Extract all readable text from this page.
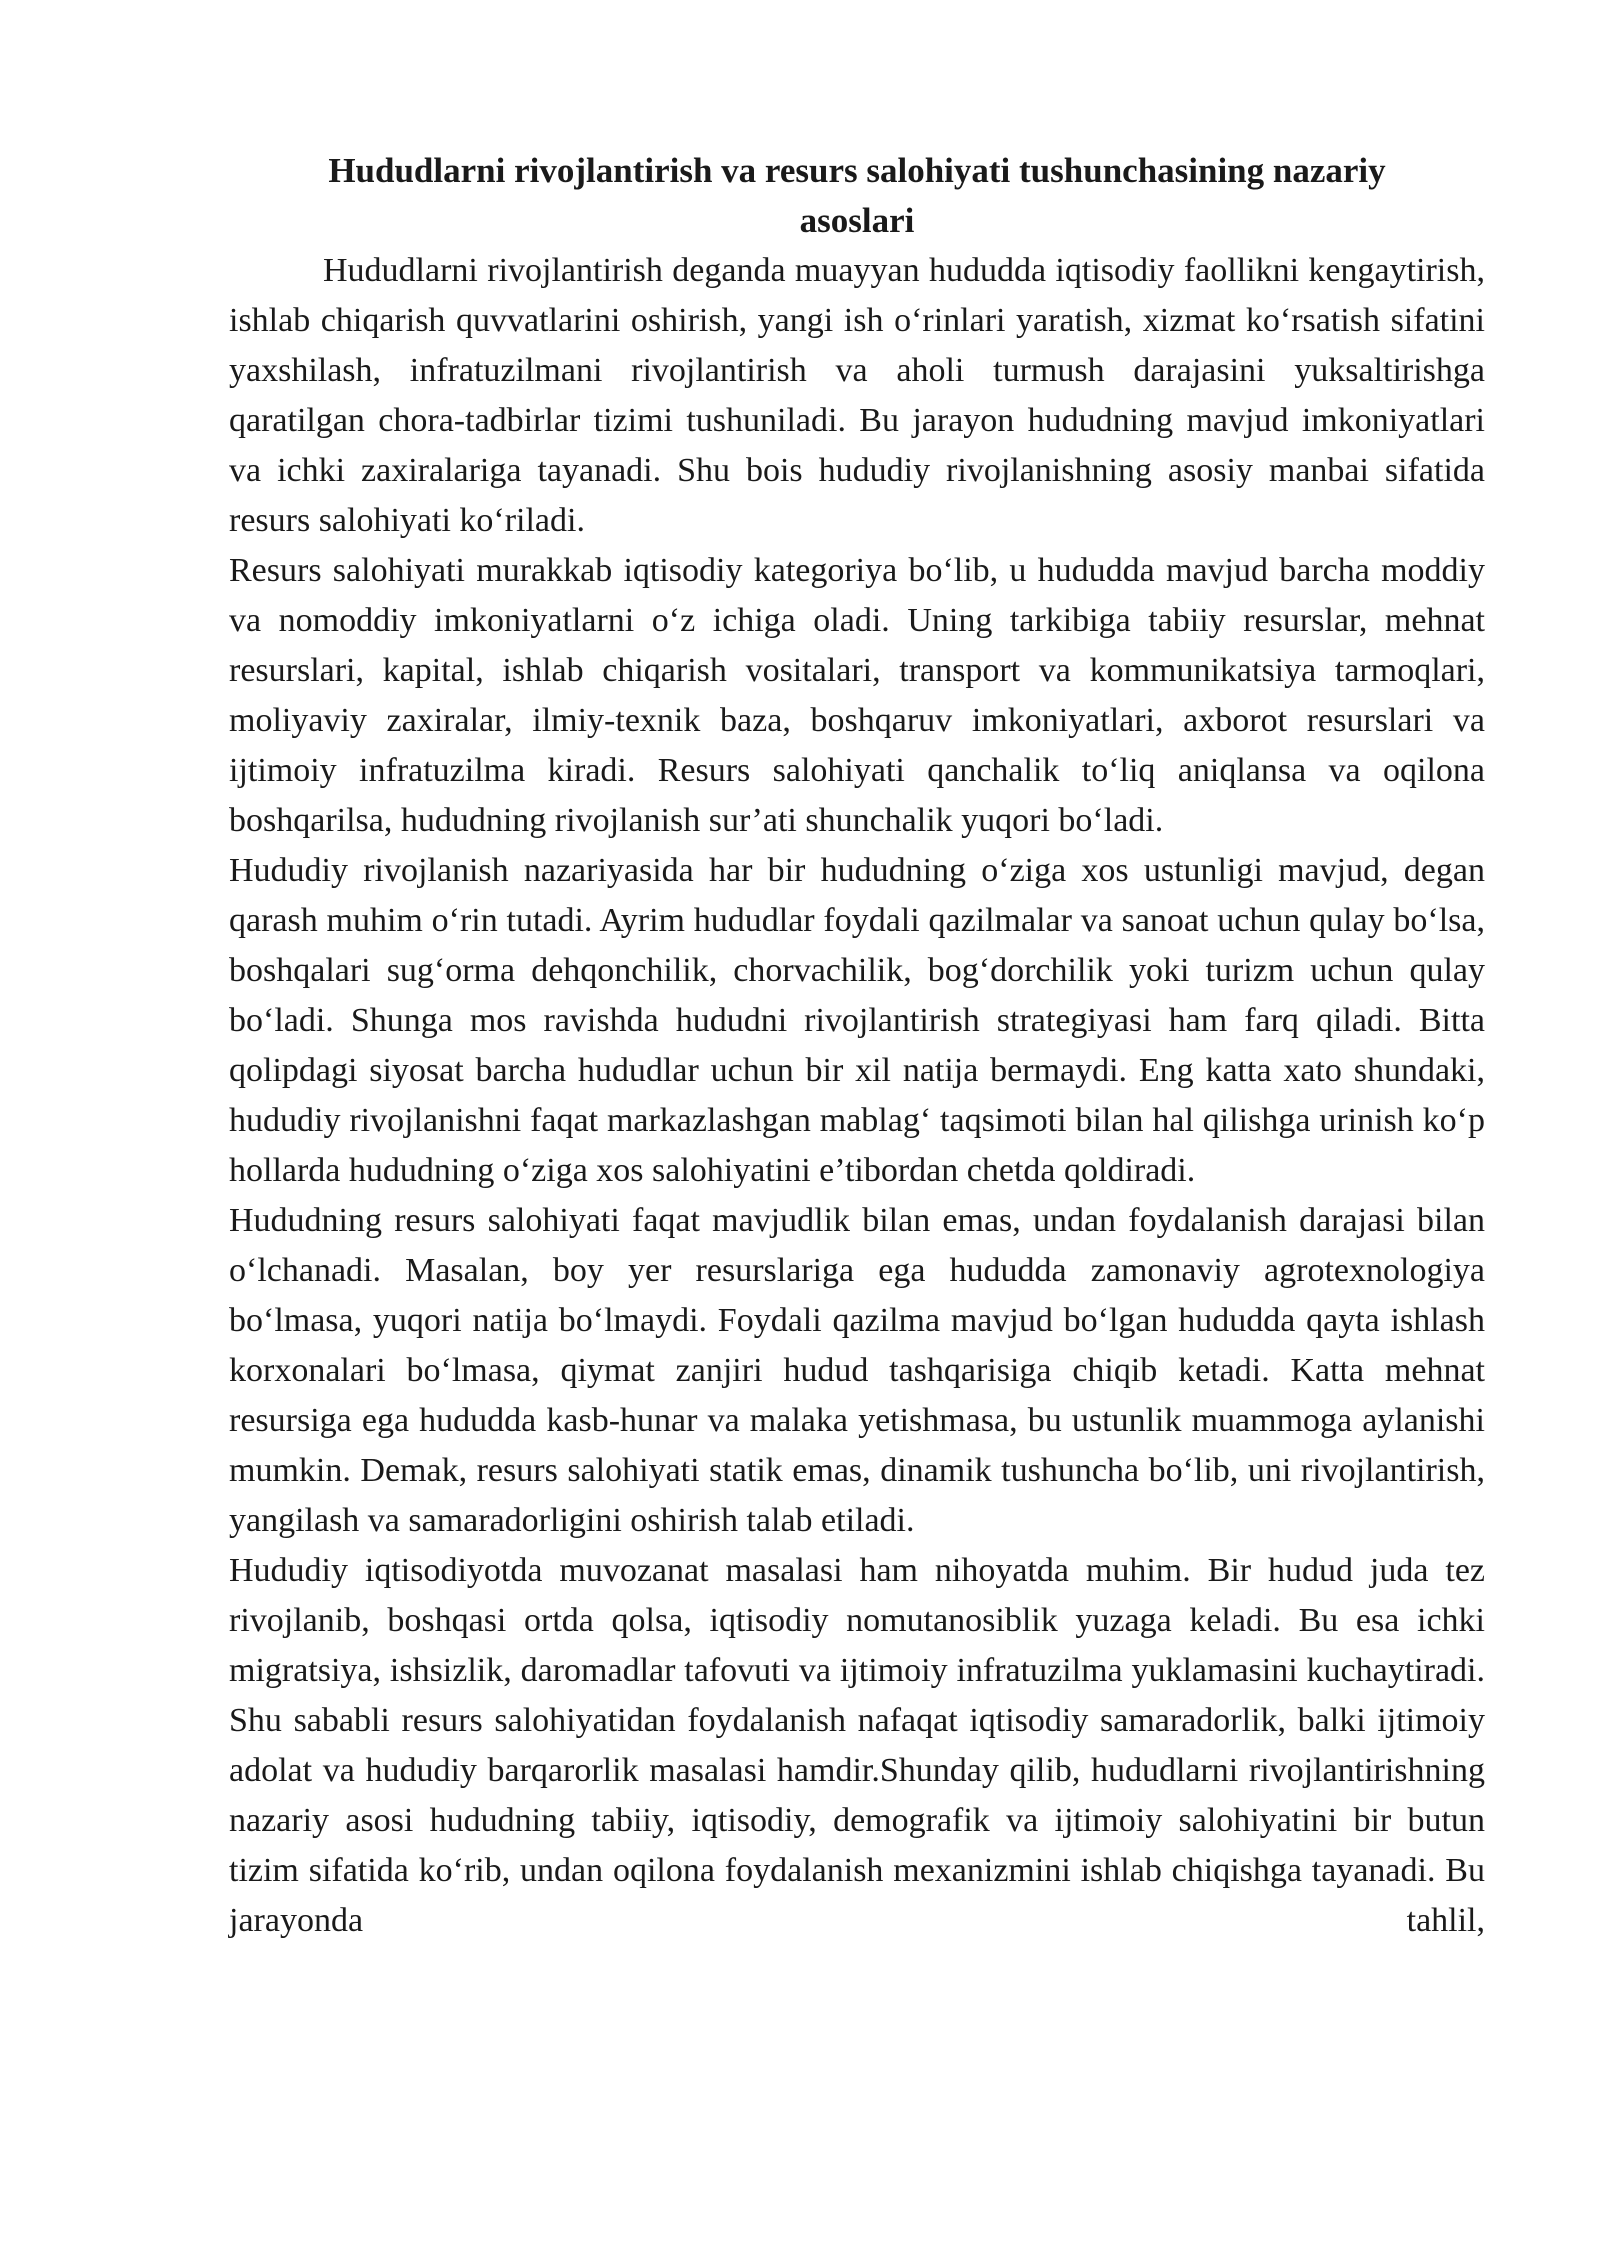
Hududlarni rivojlantirish va resurs salohiyati tushunchasining nazariy
asoslari

Hududlarni rivojlantirish deganda muayyan hududda iqtisodiy faollikni kengaytirish, ishlab chiqarish quvvatlarini oshirish, yangi ish o‘rinlari yaratish, xizmat ko‘rsatish sifatini yaxshilash, infratuzilmani rivojlantirish va aholi turmush darajasini yuksaltirishga qaratilgan chora-tadbirlar tizimi tushuniladi. Bu jarayon hududning mavjud imkoniyatlari va ichki zaxiralariga tayanadi. Shu bois hududiy rivojlanishning asosiy manbai sifatida resurs salohiyati ko‘riladi.

Resurs salohiyati murakkab iqtisodiy kategoriya bo‘lib, u hududda mavjud barcha moddiy va nomoddiy imkoniyatlarni o‘z ichiga oladi. Uning tarkibiga tabiiy resurslar, mehnat resurslari, kapital, ishlab chiqarish vositalari, transport va kommunikatsiya tarmoqlari, moliyaviy zaxiralar, ilmiy-texnik baza, boshqaruv imkoniyatlari, axborot resurslari va ijtimoiy infratuzilma kiradi. Resurs salohiyati qanchalik to‘liq aniqlansa va oqilona boshqarilsa, hududning rivojlanish sur’ati shunchalik yuqori bo‘ladi.

Hududiy rivojlanish nazariyasida har bir hududning o‘ziga xos ustunligi mavjud, degan qarash muhim o‘rin tutadi. Ayrim hududlar foydali qazilmalar va sanoat uchun qulay bo‘lsa, boshqalari sug‘orma dehqonchilik, chorvachilik, bog‘dorchilik yoki turizm uchun qulay bo‘ladi. Shunga mos ravishda hududni rivojlantirish strategiyasi ham farq qiladi. Bitta qolipdagi siyosat barcha hududlar uchun bir xil natija bermaydi. Eng katta xato shundaki, hududiy rivojlanishni faqat markazlashgan mablag‘ taqsimoti bilan hal qilishga urinish ko‘p hollarda hududning o‘ziga xos salohiyatini e’tibordan chetda qoldiradi.

Hududning resurs salohiyati faqat mavjudlik bilan emas, undan foydalanish darajasi bilan o‘lchanadi. Masalan, boy yer resurslariga ega hududda zamonaviy agrotexnologiya bo‘lmasa, yuqori natija bo‘lmaydi. Foydali qazilma mavjud bo‘lgan hududda qayta ishlash korxonalari bo‘lmasa, qiymat zanjiri hudud tashqarisiga chiqib ketadi. Katta mehnat resursiga ega hududda kasb-hunar va malaka yetishmasa, bu ustunlik muammoga aylanishi mumkin. Demak, resurs salohiyati statik emas, dinamik tushuncha bo‘lib, uni rivojlantirish, yangilash va samaradorligini oshirish talab etiladi.

Hududiy iqtisodiyotda muvozanat masalasi ham nihoyatda muhim. Bir hudud juda tez rivojlanib, boshqasi ortda qolsa, iqtisodiy nomutanosiblik yuzaga keladi. Bu esa ichki migratsiya, ishsizlik, daromadlar tafovuti va ijtimoiy infratuzilma yuklamasini kuchaytiradi. Shu sababli resurs salohiyatidan foydalanish nafaqat iqtisodiy samaradorlik, balki ijtimoiy adolat va hududiy barqarorlik masalasi hamdir.Shunday qilib, hududlarni rivojlantirishning nazariy asosi hududning tabiiy, iqtisodiy, demografik va ijtimoiy salohiyatini bir butun tizim sifatida ko‘rib, undan oqilona foydalanish mexanizmini ishlab chiqishga tayanadi. Bu jarayonda tahlil,
